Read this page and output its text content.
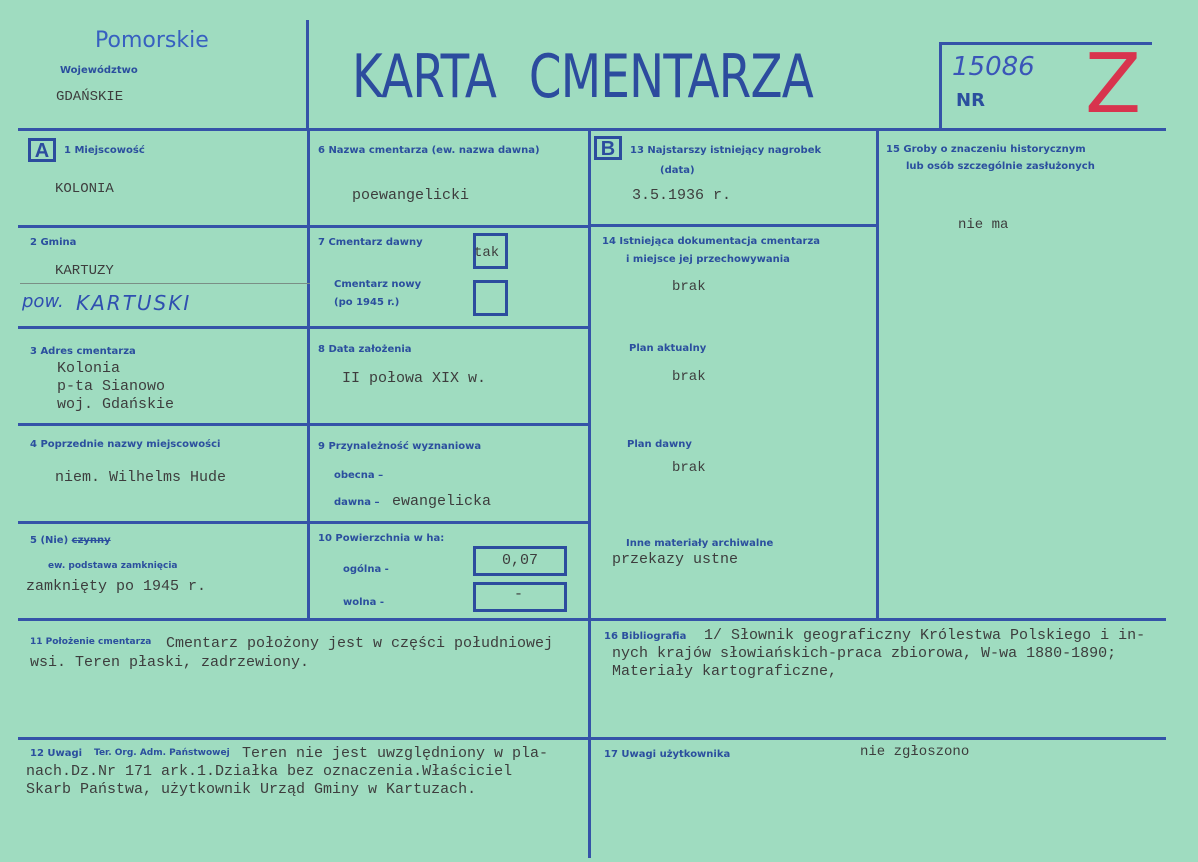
Pomorskie
Województwo
GDAŃSKIE	KARTA CMENTARZA	15086
NR Z
A	1 Miejscowość
KOLONIA
2 Gmina
KARTUZY
pow. KARTUSKI
3 Adres cmentarza
Kolonia
p-ta Sianowo
woj. Gdańskie
4 Poprzednie nazwy miejscowości
niem. Wilhelms Hude
5 (Nie) czynny
ew. podstawa zamknięcia
zamknięty po 1945 r.
6 Nazwa cmentarza (ew. nazwa dawna)
poewangelicki
7 Cmentarz dawny
tak
Cmentarz nowy
(po 1945 r.)
8 Data założenia
II połowa XIX w.
9 Przynależność wyznaniowa
obecna –
dawna – ewangelicka
10 Powierzchnia w ha:
ogólna -
0,07
wolna -	-
B	13 Najstarszy istniejący nagrobek
(data)
3.5.1936 r.
14 Istniejąca dokumentacja cmentarza
i miejsce jej przechowywania
brak
Plan aktualny
brak
Plan dawny
brak
Inne materiały archiwalne
przekazy ustne
15 Groby o znaczeniu historycznym
lub osób szczególnie zasłużonych
nie ma
11 Położenie cmentarza Cmentarz położony jest w części południowej
wsi. Teren płaski, zadrzewiony.
16 Bibliografia 1/ Słownik geograficzny Królestwa Polskiego i in-
nych krajów słowiańskich-praca zbiorowa, W-wa 1880-1890;
Materiały kartograficzne,
12 Uwagi Ter. Org. Adm. Państwowej Teren nie jest uwzględniony w pla-
nach.Dz.Nr 171 ark.1.Działka bez oznaczenia.Właściciel
Skarb Państwa, użytkownik Urząd Gminy w Kartuzach.
17 Uwagi użytkownika	nie zgłoszono
